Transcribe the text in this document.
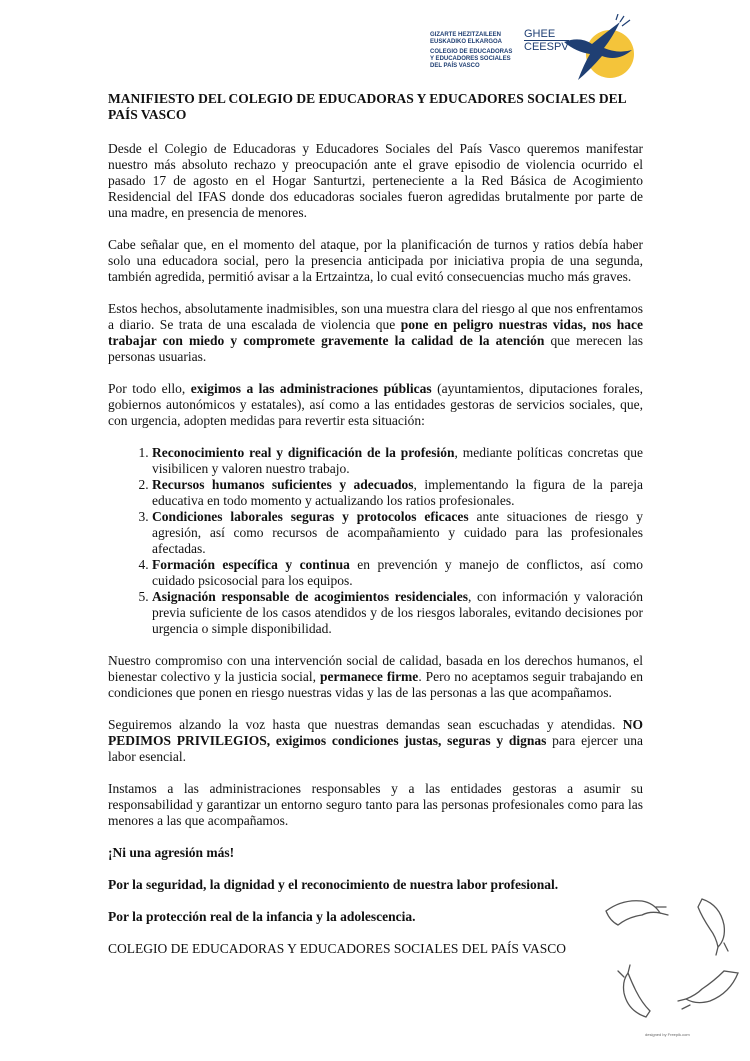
GIZARTE HEZITZAILEEN
EUSKADIKO ELKARGOA
COLEGIO DE EDUCADORAS
Y EDUCADORES SOCIALES
DEL PAÍS VASCO
GHEE
CEESPV
MANIFIESTO DEL COLEGIO DE EDUCADORAS Y EDUCADORES SOCIALES DEL PAÍS VASCO

Desde el Colegio de Educadoras y Educadores Sociales del País Vasco queremos manifestar nuestro más absoluto rechazo y preocupación ante el grave episodio de violencia ocurrido el pasado 17 de agosto en el Hogar Santurtzi, perteneciente a la Red Básica de Acogimiento Residencial del IFAS donde dos educadoras sociales fueron agredidas brutalmente por parte de una madre, en presencia de menores.

Cabe señalar que, en el momento del ataque, por la planificación de turnos y ratios debía haber solo una educadora social, pero la presencia anticipada por iniciativa propia de una segunda, también agredida, permitió avisar a la Ertzaintza, lo cual evitó consecuencias mucho más graves.

Estos hechos, absolutamente inadmisibles, son una muestra clara del riesgo al que nos enfrentamos a diario. Se trata de una escalada de violencia que pone en peligro nuestras vidas, nos hace trabajar con miedo y compromete gravemente la calidad de la atención que merecen las personas usuarias.

Por todo ello, exigimos a las administraciones públicas (ayuntamientos, diputaciones forales, gobiernos autonómicos y estatales), así como a las entidades gestoras de servicios sociales, que, con urgencia, adopten medidas para revertir esta situación:

1. Reconocimiento real y dignificación de la profesión, mediante políticas concretas que visibilicen y valoren nuestro trabajo.
2. Recursos humanos suficientes y adecuados, implementando la figura de la pareja educativa en todo momento y actualizando los ratios profesionales.
3. Condiciones laborales seguras y protocolos eficaces ante situaciones de riesgo y agresión, así como recursos de acompañamiento y cuidado para las profesionales afectadas.
4. Formación específica y continua en prevención y manejo de conflictos, así como cuidado psicosocial para los equipos.
5. Asignación responsable de acogimientos residenciales, con información y valoración previa suficiente de los casos atendidos y de los riesgos laborales, evitando decisiones por urgencia o simple disponibilidad.

Nuestro compromiso con una intervención social de calidad, basada en los derechos humanos, el bienestar colectivo y la justicia social, permanece firme. Pero no aceptamos seguir trabajando en condiciones que ponen en riesgo nuestras vidas y las de las personas a las que acompañamos.

Seguiremos alzando la voz hasta que nuestras demandas sean escuchadas y atendidas. NO PEDIMOS PRIVILEGIOS, exigimos condiciones justas, seguras y dignas para ejercer una labor esencial.

Instamos a las administraciones responsables y a las entidades gestoras a asumir su responsabilidad y garantizar un entorno seguro tanto para las personas profesionales como para las menores a las que acompañamos.

¡Ni una agresión más!

Por la seguridad, la dignidad y el reconocimiento de nuestra labor profesional.

Por la protección real de la infancia y la adolescencia.

COLEGIO DE EDUCADORAS Y EDUCADORES SOCIALES DEL PAÍS VASCO

designed by Freepik.com
